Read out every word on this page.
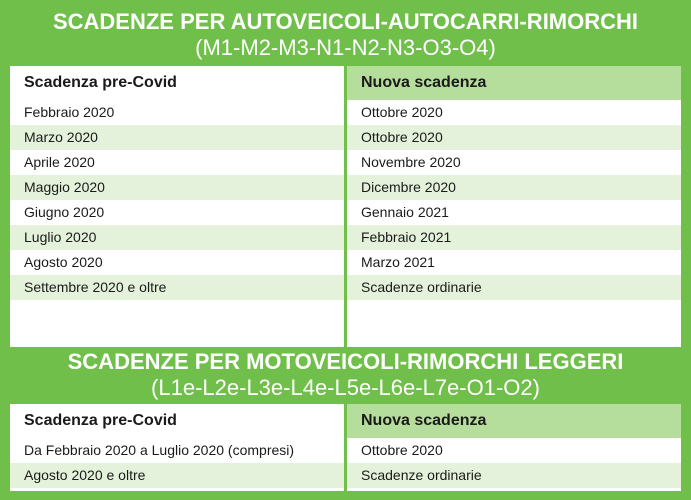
SCADENZE PER AUTOVEICOLI-AUTOCARRI-RIMORCHI
(M1-M2-M3-N1-N2-N3-O3-O4)
Scadenza pre-Covid
Febbraio 2020
Marzo 2020
Aprile 2020
Maggio 2020
Giugno 2020
Luglio 2020
Agosto 2020
Settembre 2020 e oltre
Nuova scadenza
Ottobre 2020
Ottobre 2020
Novembre 2020
Dicembre 2020
Gennaio 2021
Febbraio 2021
Marzo 2021
Scadenze ordinarie
SCADENZE PER MOTOVEICOLI-RIMORCHI LEGGERI
(L1e-L2e-L3e-L4e-L5e-L6e-L7e-O1-O2)
Scadenza pre-Covid
Da Febbraio 2020 a Luglio 2020 (compresi)
Agosto 2020 e oltre
Nuova scadenza
Ottobre 2020
Scadenze ordinarie
